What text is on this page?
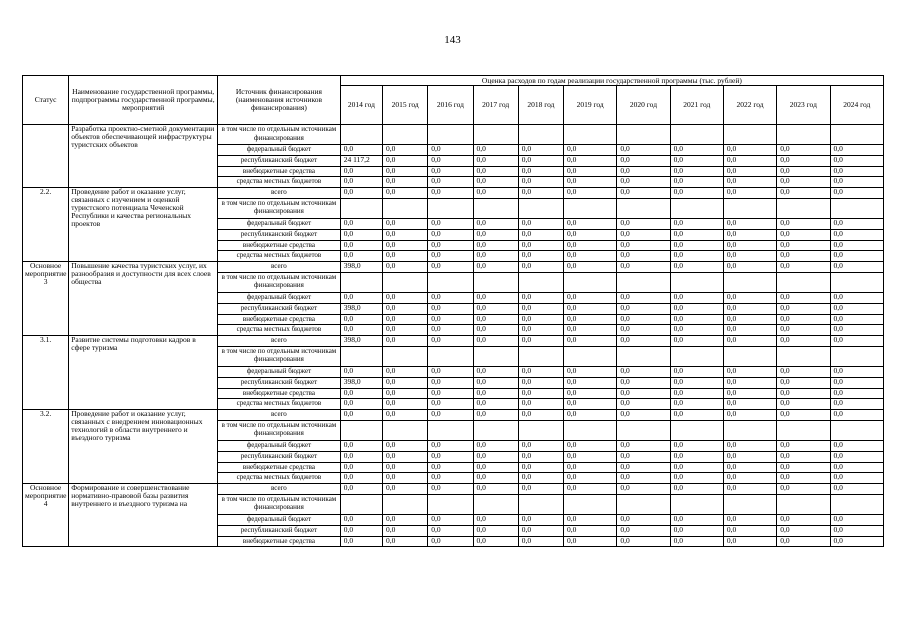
143
Статус	Наименование государственной программы, подпрограммы государственной программы, мероприятий	Источник финансирования (наименования источников финансирования)	Оценка расходов по годам реализации государственной программы (тыс. рублей)										
			2014 год	2015 год	2016 год	2017 год	2018 год	2019 год	2020 год	2021 год	2022 год	2023 год	2024 год
	Разработка проектно-сметной документации объектов обеспечивающей инфраструктуры туристских объектов	в том числе по отдельным источникам финансирования											
		федеральный бюджет	0,0	0,0	0,0	0,0	0,0	0,0	0,0	0,0	0,0	0,0	0,0
		республиканский бюджет	24 117,2	0,0	0,0	0,0	0,0	0,0	0,0	0,0	0,0	0,0	0,0
		внебюджетные средства	0,0	0,0	0,0	0,0	0,0	0,0	0,0	0,0	0,0	0,0	0,0
		средства местных бюджетов	0,0	0,0	0,0	0,0	0,0	0,0	0,0	0,0	0,0	0,0	0,0
2.2.	Проведение работ и оказание услуг, связанных с изучением и оценкой туристского потенциала Чеченской Республики и качества региональных проектов	всего	0,0	0,0	0,0	0,0	0,0	0,0	0,0	0,0	0,0	0,0	0,0
		в том числе по отдельным источникам финансирования											
		федеральный бюджет	0,0	0,0	0,0	0,0	0,0	0,0	0,0	0,0	0,0	0,0	0,0
		республиканский бюджет	0,0	0,0	0,0	0,0	0,0	0,0	0,0	0,0	0,0	0,0	0,0
		внебюджетные средства	0,0	0,0	0,0	0,0	0,0	0,0	0,0	0,0	0,0	0,0	0,0
		средства местных бюджетов	0,0	0,0	0,0	0,0	0,0	0,0	0,0	0,0	0,0	0,0	0,0
Основное мероприятие 3	Повышение качества туристских услуг, их разнообразия и доступности для всех слоев общества	всего	398,0	0,0	0,0	0,0	0,0	0,0	0,0	0,0	0,0	0,0	0,0
		в том числе по отдельным источникам финансирования											
		федеральный бюджет	0,0	0,0	0,0	0,0	0,0	0,0	0,0	0,0	0,0	0,0	0,0
		республиканский бюджет	398,0	0,0	0,0	0,0	0,0	0,0	0,0	0,0	0,0	0,0	0,0
		внебюджетные средства	0,0	0,0	0,0	0,0	0,0	0,0	0,0	0,0	0,0	0,0	0,0
		средства местных бюджетов	0,0	0,0	0,0	0,0	0,0	0,0	0,0	0,0	0,0	0,0	0,0
3.1.	Развитие системы подготовки кадров в сфере туризма	всего	398,0	0,0	0,0	0,0	0,0	0,0	0,0	0,0	0,0	0,0	0,0
		в том числе по отдельным источникам финансирования											
		федеральный бюджет	0,0	0,0	0,0	0,0	0,0	0,0	0,0	0,0	0,0	0,0	0,0
		республиканский бюджет	398,0	0,0	0,0	0,0	0,0	0,0	0,0	0,0	0,0	0,0	0,0
		внебюджетные средства	0,0	0,0	0,0	0,0	0,0	0,0	0,0	0,0	0,0	0,0	0,0
		средства местных бюджетов	0,0	0,0	0,0	0,0	0,0	0,0	0,0	0,0	0,0	0,0	0,0
3.2.	Проведение работ и оказание услуг, связанных с внедрением инновационных технологий в области внутреннего и въездного туризма	всего	0,0	0,0	0,0	0,0	0,0	0,0	0,0	0,0	0,0	0,0	0,0
		в том числе по отдельным источникам финансирования											
		федеральный бюджет	0,0	0,0	0,0	0,0	0,0	0,0	0,0	0,0	0,0	0,0	0,0
		республиканский бюджет	0,0	0,0	0,0	0,0	0,0	0,0	0,0	0,0	0,0	0,0	0,0
		внебюджетные средства	0,0	0,0	0,0	0,0	0,0	0,0	0,0	0,0	0,0	0,0	0,0
		средства местных бюджетов	0,0	0,0	0,0	0,0	0,0	0,0	0,0	0,0	0,0	0,0	0,0
Основное мероприятие 4	Формирование и совершенствование нормативно-правовой базы развития внутреннего и въездного туризма на	всего	0,0	0,0	0,0	0,0	0,0	0,0	0,0	0,0	0,0	0,0	0,0
		в том числе по отдельным источникам финансирования											
		федеральный бюджет	0,0	0,0	0,0	0,0	0,0	0,0	0,0	0,0	0,0	0,0	0,0
		республиканский бюджет	0,0	0,0	0,0	0,0	0,0	0,0	0,0	0,0	0,0	0,0	0,0
		внебюджетные средства	0,0	0,0	0,0	0,0	0,0	0,0	0,0	0,0	0,0	0,0	0,0
